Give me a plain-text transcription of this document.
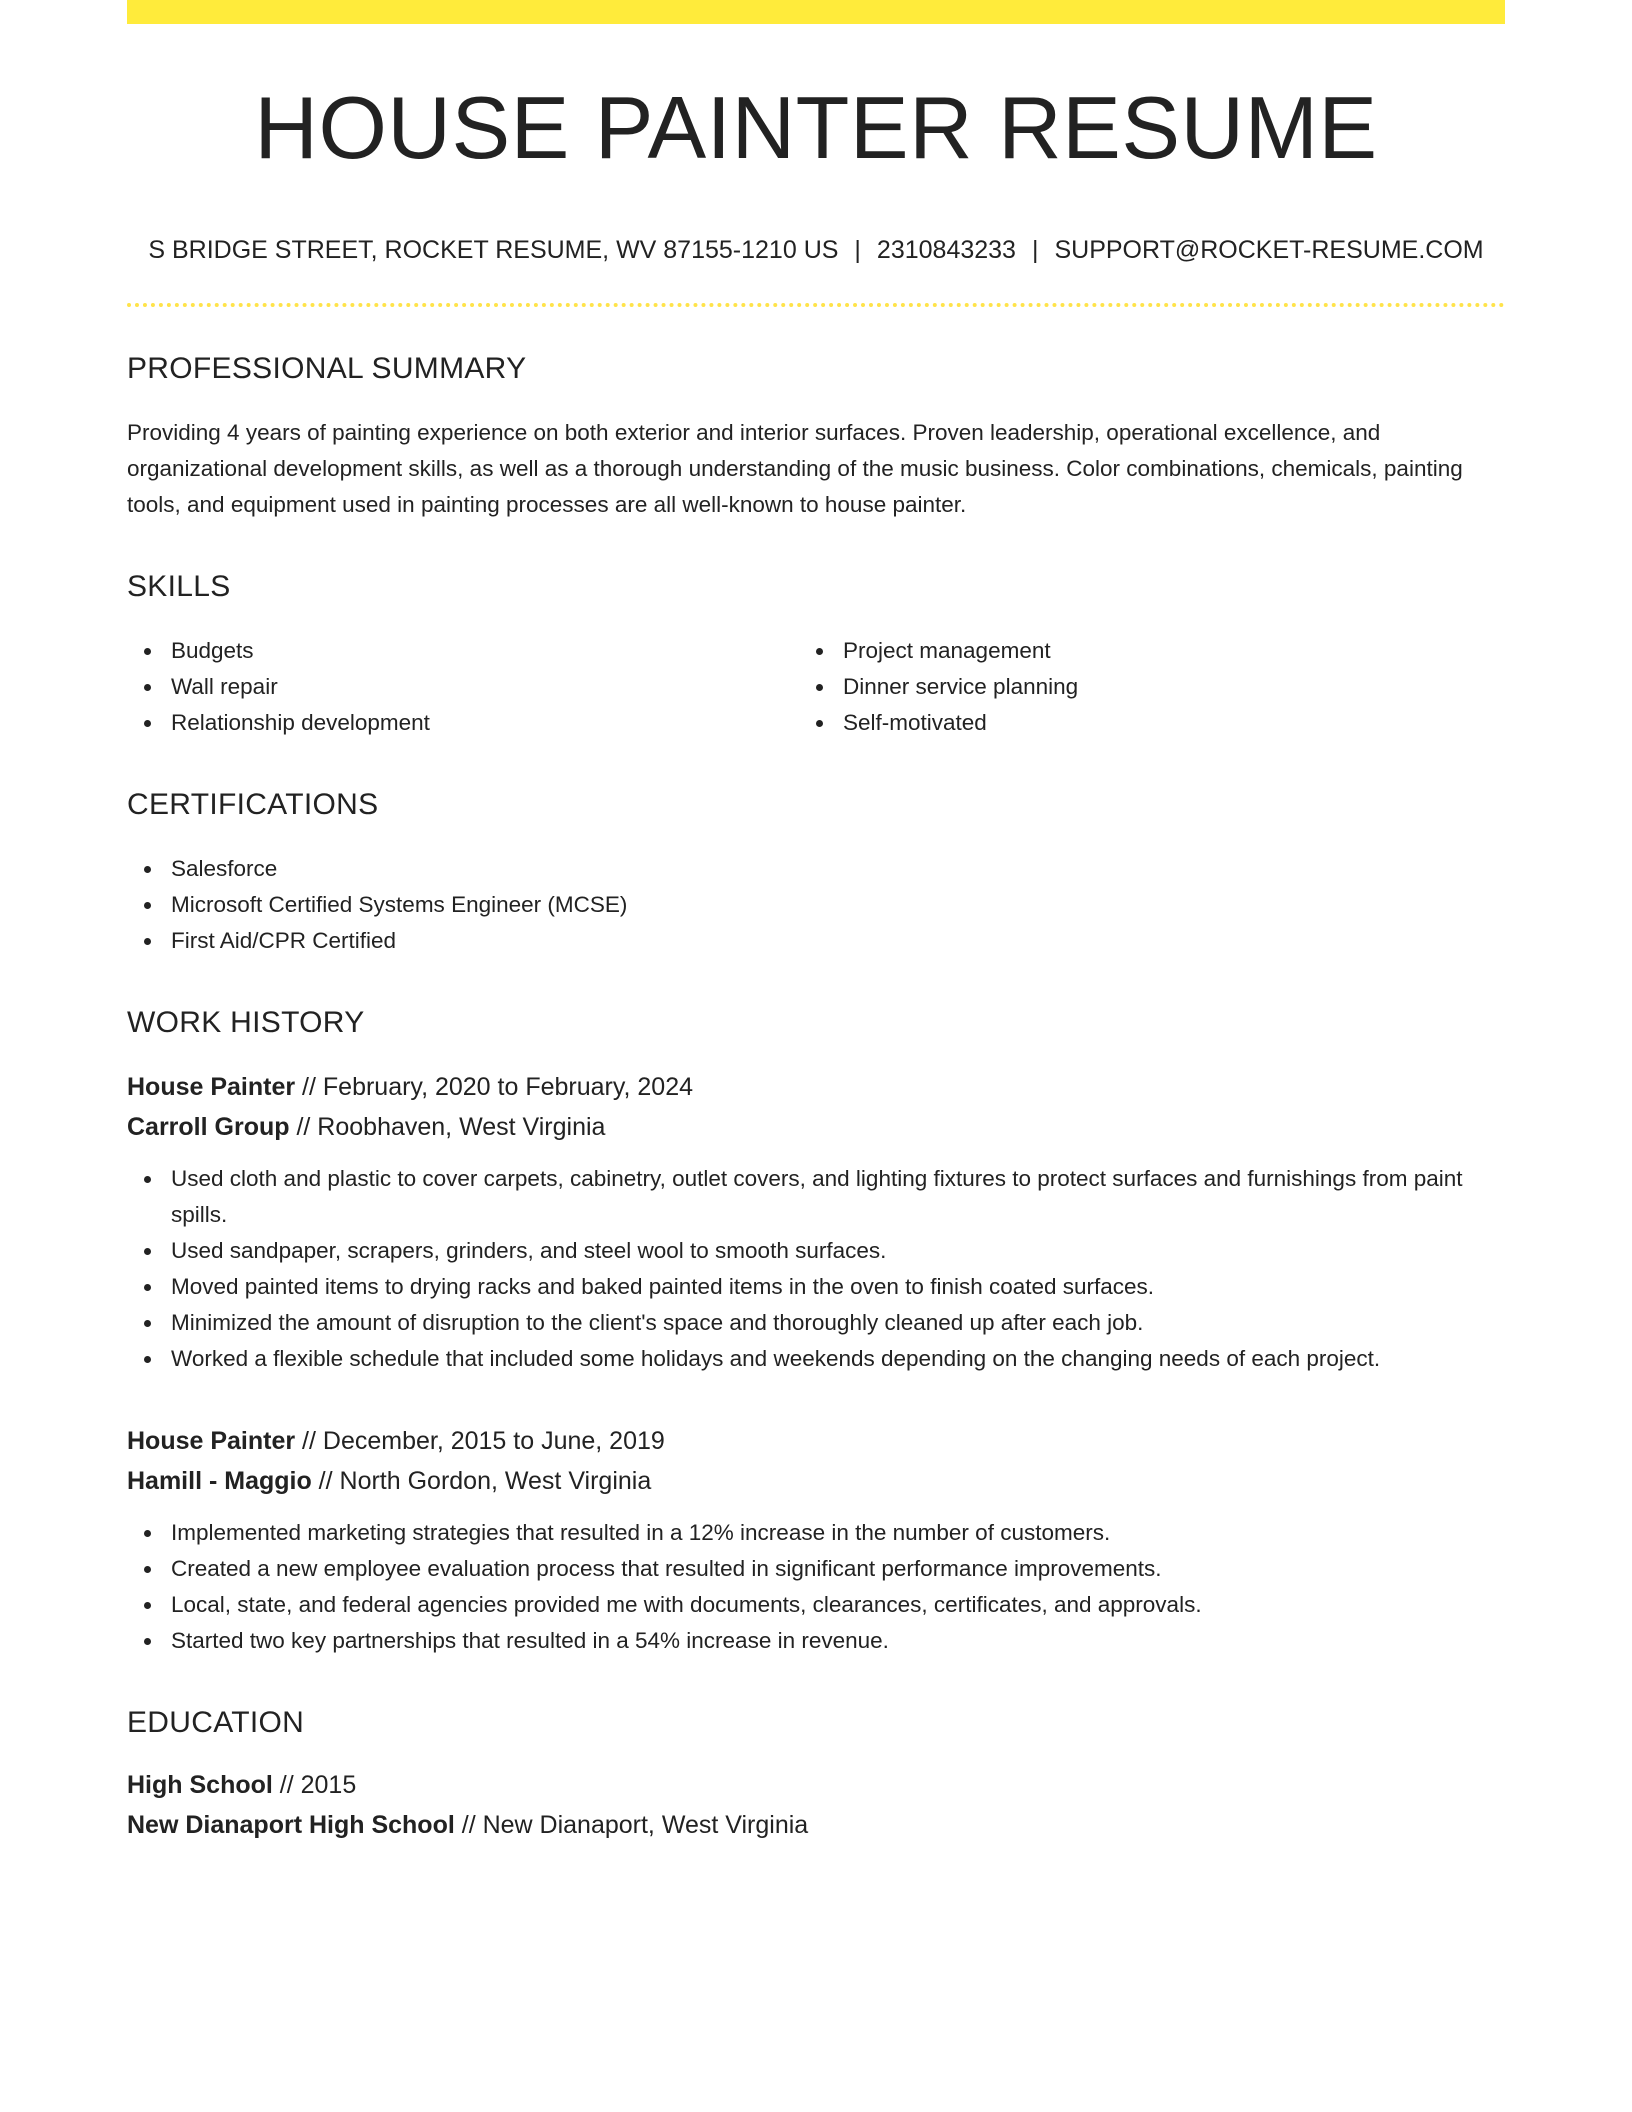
HOUSE PAINTER RESUME
S BRIDGE STREET, ROCKET RESUME, WV 87155-1210 US | 2310843233 | SUPPORT@ROCKET-RESUME.COM
PROFESSIONAL SUMMARY

Providing 4 years of painting experience on both exterior and interior surfaces. Proven leadership, operational excellence, and organizational development skills, as well as a thorough understanding of the music business. Color combinations, chemicals, painting tools, and equipment used in painting processes are all well-known to house painter.

SKILLS
Budgets
Wall repair
Relationship development
Project management
Dinner service planning
Self-motivated
CERTIFICATIONS
Salesforce
Microsoft Certified Systems Engineer (MCSE)
First Aid/CPR Certified
WORK HISTORY
House Painter // February, 2020 to February, 2024
Carroll Group // Roobhaven, West Virginia
Used cloth and plastic to cover carpets, cabinetry, outlet covers, and lighting fixtures to protect surfaces and furnishings from paint spills.
Used sandpaper, scrapers, grinders, and steel wool to smooth surfaces.
Moved painted items to drying racks and baked painted items in the oven to finish coated surfaces.
Minimized the amount of disruption to the client's space and thoroughly cleaned up after each job.
Worked a flexible schedule that included some holidays and weekends depending on the changing needs of each project.
House Painter // December, 2015 to June, 2019
Hamill - Maggio // North Gordon, West Virginia
Implemented marketing strategies that resulted in a 12% increase in the number of customers.
Created a new employee evaluation process that resulted in significant performance improvements.
Local, state, and federal agencies provided me with documents, clearances, certificates, and approvals.
Started two key partnerships that resulted in a 54% increase in revenue.
EDUCATION
High School // 2015
New Dianaport High School // New Dianaport, West Virginia
